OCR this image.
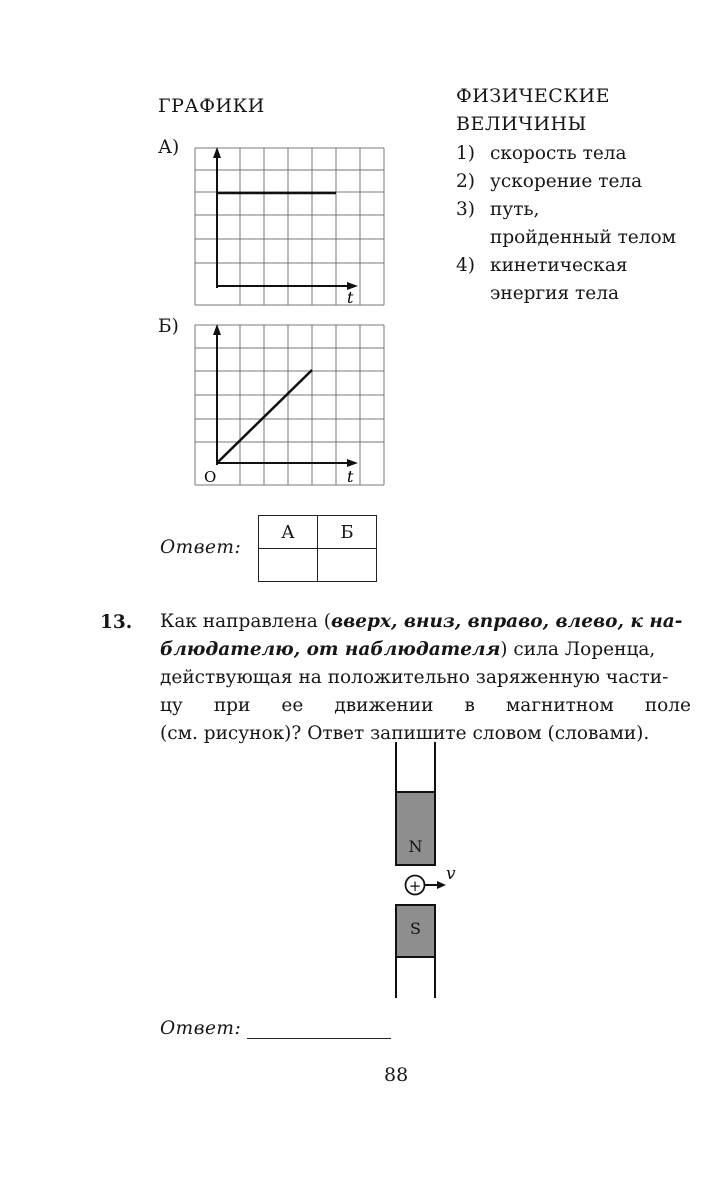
ГРАФИКИ
А)
t
Б)
O	t
ФИЗИЧЕСКИЕ
ВЕЛИЧИНЫ
1) скорость тела
2) ускорение тела
3) путь,
пройденный телом
4) кинетическая
энергия тела
Ответ:
А	Б

13. Как направлена (вверх, вниз, вправо, влево, к на-
блюдателю, от наблюдателя) сила Лоренца,
действующая на положительно заряженную части-
цу при ее движении в магнитном поле
(см. рисунок)? Ответ запишите словом (словами).
N
+
v
S
Ответ:
88
